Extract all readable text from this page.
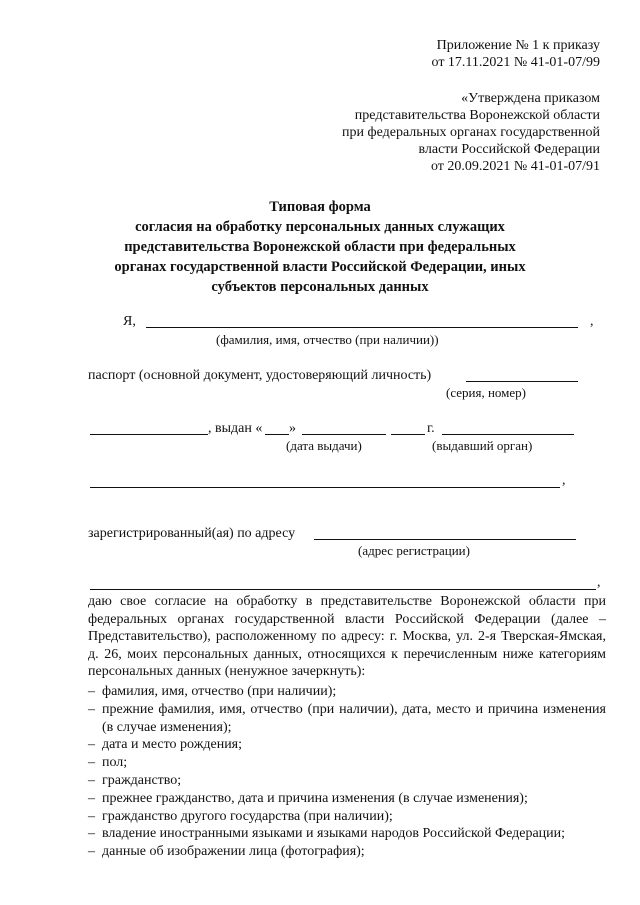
Приложение № 1 к приказу
от 17.11.2021 № 41-01-07/99
«Утверждена приказом
представительства Воронежской области
при федеральных органах государственной
власти Российской Федерации
от 20.09.2021 № 41-01-07/91
Типовая форма
согласия на обработку персональных данных служащих
представительства Воронежской области при федеральных
органах государственной власти Российской Федерации, иных
субъектов персональных данных
Я,	,
(фамилия, имя, отчество (при наличии))
паспорт (основной документ, удостоверяющий личность)
(серия, номер)
, выдан « »	г.
(дата выдачи)	(выдавший орган)
,
зарегистрированный(ая) по адресу
(адрес регистрации)
,
даю свое согласие на обработку в представительстве Воронежской области при федеральных органах государственной власти Российской Федерации (далее – Представительство), расположенному по адресу: г. Москва, ул. 2-я Тверская-Ямская, д. 26, моих персональных данных, относящихся к перечисленным ниже категориям персональных данных (ненужное зачеркнуть):
– фамилия, имя, отчество (при наличии);
– прежние фамилия, имя, отчество (при наличии), дата, место и причина изменения (в случае изменения);
– дата и место рождения;
– пол;
– гражданство;
– прежнее гражданство, дата и причина изменения (в случае изменения);
– гражданство другого государства (при наличии);
– владение иностранными языками и языками народов Российской Федерации;
– данные об изображении лица (фотография);
